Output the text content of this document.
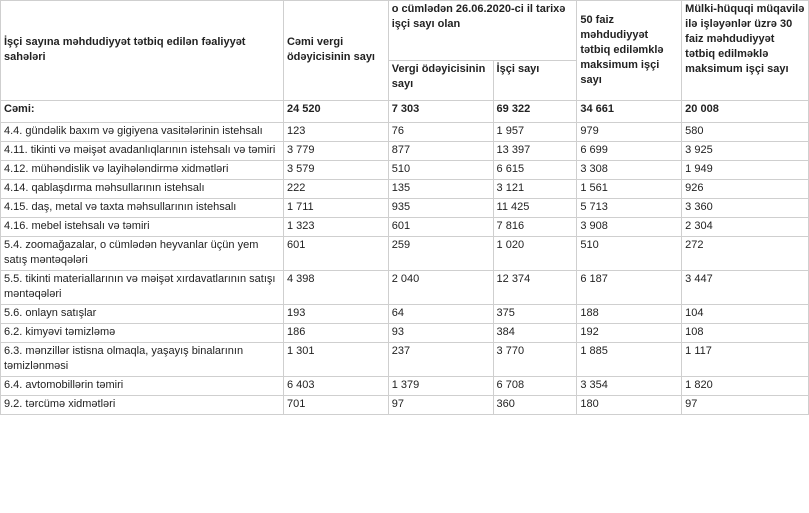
İşçi sayına məhdudiyyət tətbiq edilən fəaliyyət sahələri	Cəmi vergi ödəyicisinin sayı	o cümlədən 26.06.2020-ci il tarixə işçi sayı olan		50 faiz məhdudiyyət tətbiq ediləmklə maksimum işçi sayı	Mülki-hüquqi müqavilə ilə işləyənlər üzrə 30 faiz məhdudiyyət tətbiq edilməklə maksimum işçi sayı
		Vergi ödəyicisinin sayı	İşçi sayı		
Cəmi:	24 520	7 303	69 322	34 661	20 008
4.4. gündəlik baxım və gigiyena vasitələrinin istehsalı	123	76	1 957	979	580
4.11. tikinti və məişət avadanlıqlarının istehsalı və təmiri	3 779	877	13 397	6 699	3 925
4.12. mühəndislik və layihələndirmə xidmətləri	3 579	510	6 615	3 308	1 949
4.14. qablaşdırma məhsullarının istehsalı	222	135	3 121	1 561	926
4.15. daş, metal və taxta məhsullarının istehsalı	1 711	935	11 425	5 713	3 360
4.16. mebel istehsalı və təmiri	1 323	601	7 816	3 908	2 304
5.4. zoomağazalar, o cümlədən heyvanlar üçün yem satış məntəqələri	601	259	1 020	510	272
5.5. tikinti materiallarının və məişət xırdavatlarının satışı məntəqələri	4 398	2 040	12 374	6 187	3 447
5.6. onlayn satışlar	193	64	375	188	104
6.2. kimyəvi təmizləmə	186	93	384	192	108
6.3. mənzillər istisna olmaqla, yaşayış binalarının təmizlənməsi	1 301	237	3 770	1 885	1 117
6.4. avtomobillərin təmiri	6 403	1 379	6 708	3 354	1 820
9.2. tərcümə xidmətləri	701	97	360	180	97
